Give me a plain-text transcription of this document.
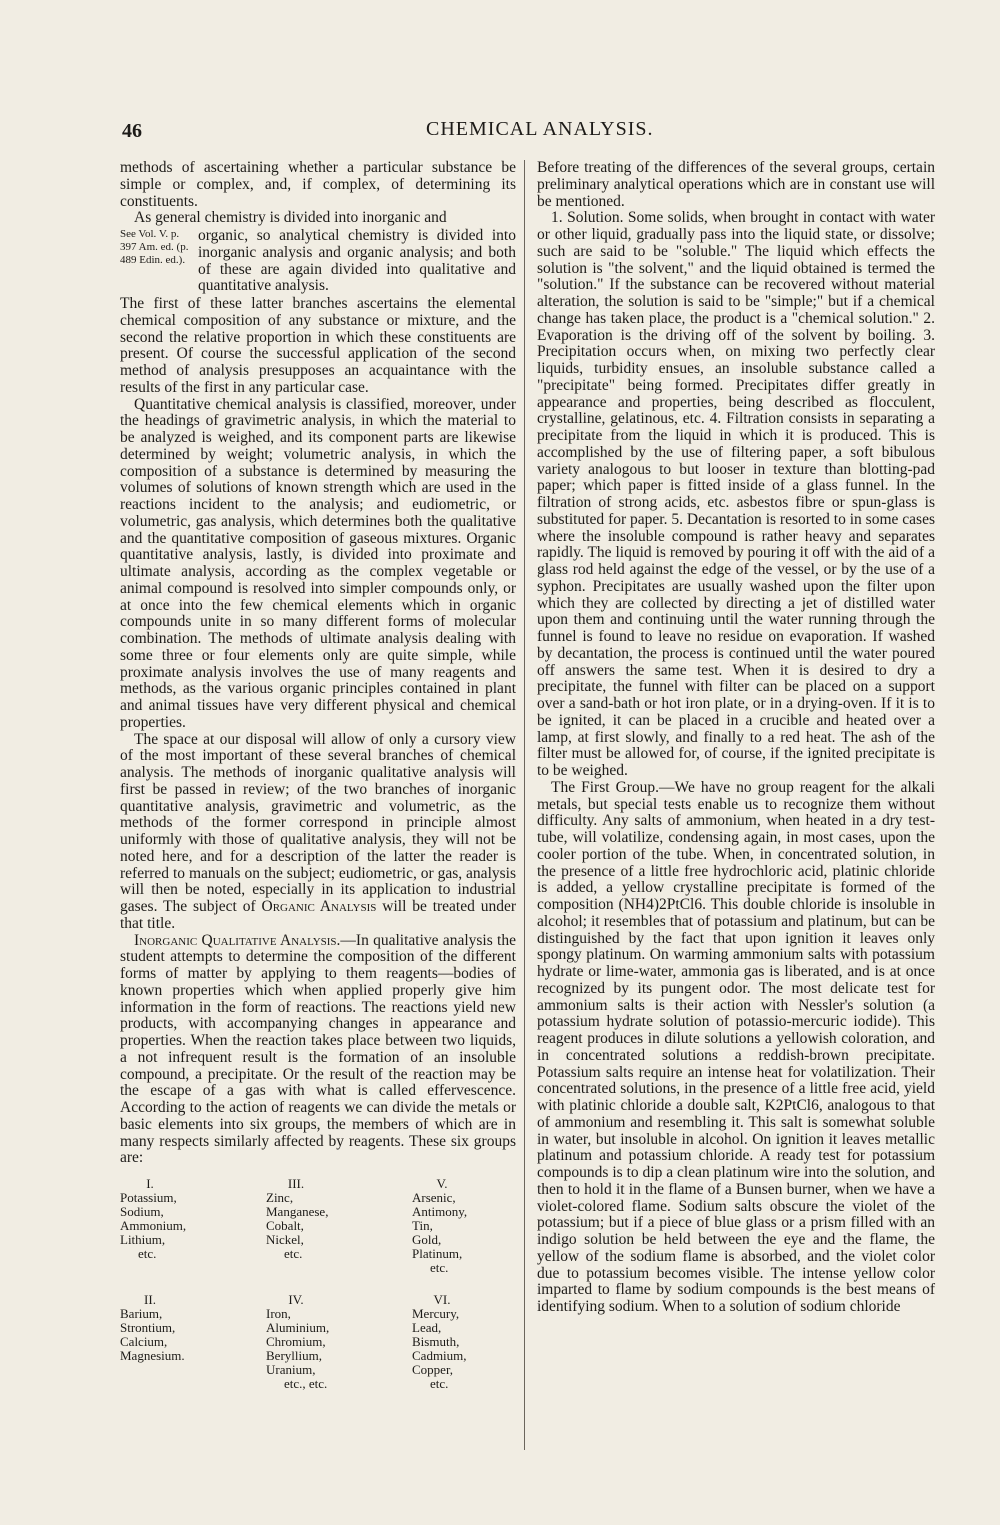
46	CHEMICAL ANALYSIS.

methods of ascertaining whether a particular substance be simple or complex, and, if complex, of determining its constituents.

As general chemistry is divided into inorganic and

See Vol. V. p. 397 Am. ed. (p. 489 Edin. ed.).
organic, so analytical chemistry is divided into inorganic analysis and organic analysis; and both of these are again divided into qualitative and quantitative analysis.

The first of these latter branches ascertains the elemental chemical composition of any substance or mixture, and the second the relative proportion in which these constituents are present. Of course the successful application of the second method of analysis presupposes an acquaintance with the results of the first in any particular case.

Quantitative chemical analysis is classified, moreover, under the headings of gravimetric analysis, in which the material to be analyzed is weighed, and its component parts are likewise determined by weight; volumetric analysis, in which the composition of a substance is determined by measuring the volumes of solutions of known strength which are used in the reactions incident to the analysis; and eudiometric, or volumetric, gas analysis, which determines both the qualitative and the quantitative composition of gaseous mixtures. Organic quantitative analysis, lastly, is divided into proximate and ultimate analysis, according as the complex vegetable or animal compound is resolved into simpler compounds only, or at once into the few chemical elements which in organic compounds unite in so many different forms of molecular combination. The methods of ultimate analysis dealing with some three or four elements only are quite simple, while proximate analysis involves the use of many reagents and methods, as the various organic principles contained in plant and animal tissues have very different physical and chemical properties.

The space at our disposal will allow of only a cursory view of the most important of these several branches of chemical analysis. The methods of inorganic qualitative analysis will first be passed in review; of the two branches of inorganic quantitative analysis, gravimetric and volumetric, as the methods of the former correspond in principle almost uniformly with those of qualitative analysis, they will not be noted here, and for a description of the latter the reader is referred to manuals on the subject; eudiometric, or gas, analysis will then be noted, especially in its application to industrial gases. The subject of Organic Analysis will be treated under that title.

Inorganic Qualitative Analysis.—In qualitative analysis the student attempts to determine the composition of the different forms of matter by applying to them reagents—bodies of known properties which when applied properly give him information in the form of reactions. The reactions yield new products, with accompanying changes in appearance and properties. When the reaction takes place between two liquids, a not infrequent result is the formation of an insoluble compound, a precipitate. Or the result of the reaction may be the escape of a gas with what is called effervescence. According to the action of reagents we can divide the metals or basic elements into six groups, the members of which are in many respects similarly affected by reagents. These six groups are:

I.
Potassium,
Sodium,
Ammonium,
Lithium,
etc.
III.
Zinc,
Manganese,
Cobalt,
Nickel,
etc.
V.
Arsenic,
Antimony,
Tin,
Gold,
Platinum,
etc.
II.
Barium,
Strontium,
Calcium,
Magnesium.
IV.
Iron,
Aluminium,
Chromium,
Beryllium,
Uranium,
etc., etc.
VI.
Mercury,
Lead,
Bismuth,
Cadmium,
Copper,
etc.

Before treating of the differences of the several groups, certain preliminary analytical operations which are in constant use will be mentioned.

1. Solution. Some solids, when brought in contact with water or other liquid, gradually pass into the liquid state, or dissolve; such are said to be "soluble." The liquid which effects the solution is "the solvent," and the liquid obtained is termed the "solution." If the substance can be recovered without material alteration, the solution is said to be "simple;" but if a chemical change has taken place, the product is a "chemical solution." 2. Evaporation is the driving off of the solvent by boiling. 3. Precipitation occurs when, on mixing two perfectly clear liquids, turbidity ensues, an insoluble substance called a "precipitate" being formed. Precipitates differ greatly in appearance and properties, being described as flocculent, crystalline, gelatinous, etc. 4. Filtration consists in separating a precipitate from the liquid in which it is produced. This is accomplished by the use of filtering paper, a soft bibulous variety analogous to but looser in texture than blotting-pad paper; which paper is fitted inside of a glass funnel. In the filtration of strong acids, etc. asbestos fibre or spun-glass is substituted for paper. 5. Decantation is resorted to in some cases where the insoluble compound is rather heavy and separates rapidly. The liquid is removed by pouring it off with the aid of a glass rod held against the edge of the vessel, or by the use of a syphon. Precipitates are usually washed upon the filter upon which they are collected by directing a jet of distilled water upon them and continuing until the water running through the funnel is found to leave no residue on evaporation. If washed by decantation, the process is continued until the water poured off answers the same test. When it is desired to dry a precipitate, the funnel with filter can be placed on a support over a sand-bath or hot iron plate, or in a drying-oven. If it is to be ignited, it can be placed in a crucible and heated over a lamp, at first slowly, and finally to a red heat. The ash of the filter must be allowed for, of course, if the ignited precipitate is to be weighed.

The First Group.—We have no group reagent for the alkali metals, but special tests enable us to recognize them without difficulty. Any salts of ammonium, when heated in a dry test-tube, will volatilize, condensing again, in most cases, upon the cooler portion of the tube. When, in concentrated solution, in the presence of a little free hydrochloric acid, platinic chloride is added, a yellow crystalline precipitate is formed of the composition (NH4)2PtCl6. This double chloride is insoluble in alcohol; it resembles that of potassium and platinum, but can be distinguished by the fact that upon ignition it leaves only spongy platinum. On warming ammonium salts with potassium hydrate or lime-water, ammonia gas is liberated, and is at once recognized by its pungent odor. The most delicate test for ammonium salts is their action with Nessler's solution (a potassium hydrate solution of potassio-mercuric iodide). This reagent produces in dilute solutions a yellowish coloration, and in concentrated solutions a reddish-brown precipitate. Potassium salts require an intense heat for volatilization. Their concentrated solutions, in the presence of a little free acid, yield with platinic chloride a double salt, K2PtCl6, analogous to that of ammonium and resembling it. This salt is somewhat soluble in water, but insoluble in alcohol. On ignition it leaves metallic platinum and potassium chloride. A ready test for potassium compounds is to dip a clean platinum wire into the solution, and then to hold it in the flame of a Bunsen burner, when we have a violet-colored flame. Sodium salts obscure the violet of the potassium; but if a piece of blue glass or a prism filled with an indigo solution be held between the eye and the flame, the yellow of the sodium flame is absorbed, and the violet color due to potassium becomes visible. The intense yellow color imparted to flame by sodium compounds is the best means of identifying sodium. When to a solution of sodium chloride
